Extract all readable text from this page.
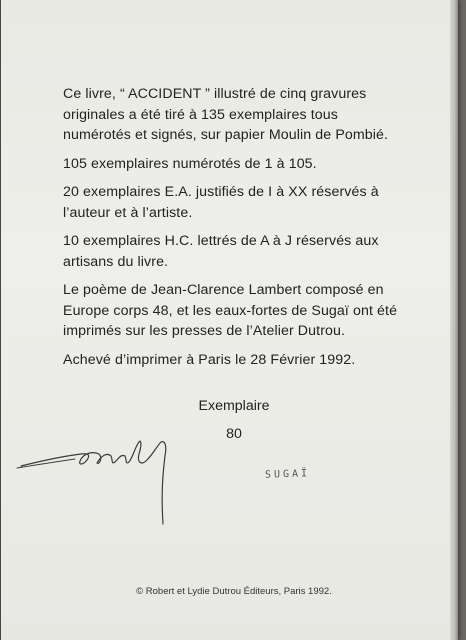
Ce livre, “ ACCIDENT ” illustré de cinq gravures originales a été tiré à 135 exemplaires tous numérotés et signés, sur papier Moulin de Pombié.

105 exemplaires numérotés de 1 à 105.

20 exemplaires E.A. justifiés de I à XX réservés à l’auteur et à l’artiste.

10 exemplaires H.C. lettrés de A à J réservés aux artisans du livre.

Le poème de Jean-Clarence Lambert composé en Europe corps 48, et les eaux-fortes de Sugaï ont été imprimés sur les presses de l’Atelier Dutrou.

Achevé d’imprimer à Paris le 28 Février 1992.

Exemplaire
80
SUGAÏ
© Robert et Lydie Dutrou Éditeurs, Paris 1992.
